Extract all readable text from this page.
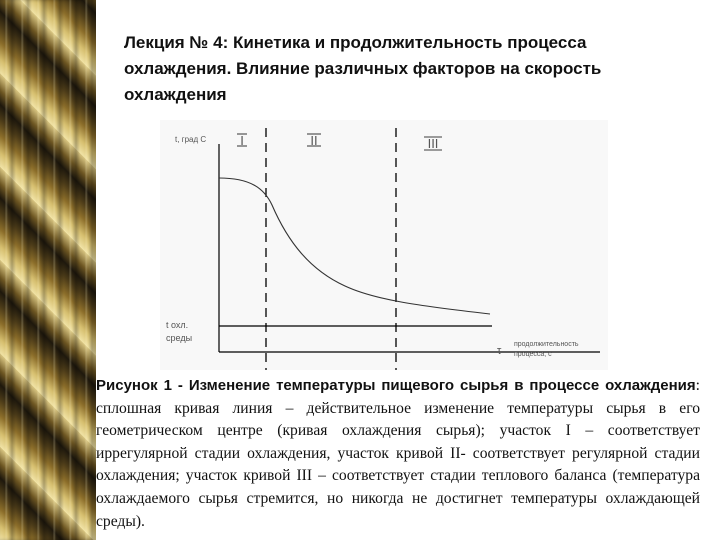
Лекция № 4: Кинетика и продолжительность процесса охлаждения. Влияние различных факторов на скорость охлаждения
t, град С
t охл.
среды
τ
продолжительность
процесса, с
I	II	III

Рисунок 1 - Изменение температуры пищевого сырья в процессе охлаждения: сплошная кривая линия – действительное изменение температуры сырья в его геометрическом центре (кривая охлаждения сырья); участок I – соответствует иррегулярной стадии охлаждения, участок кривой II- соответствует регулярной стадии охлаждения; участок кривой III – соответствует стадии теплового баланса (температура охлаждаемого сырья стремится, но никогда не достигнет температуры охлаждающей среды).
